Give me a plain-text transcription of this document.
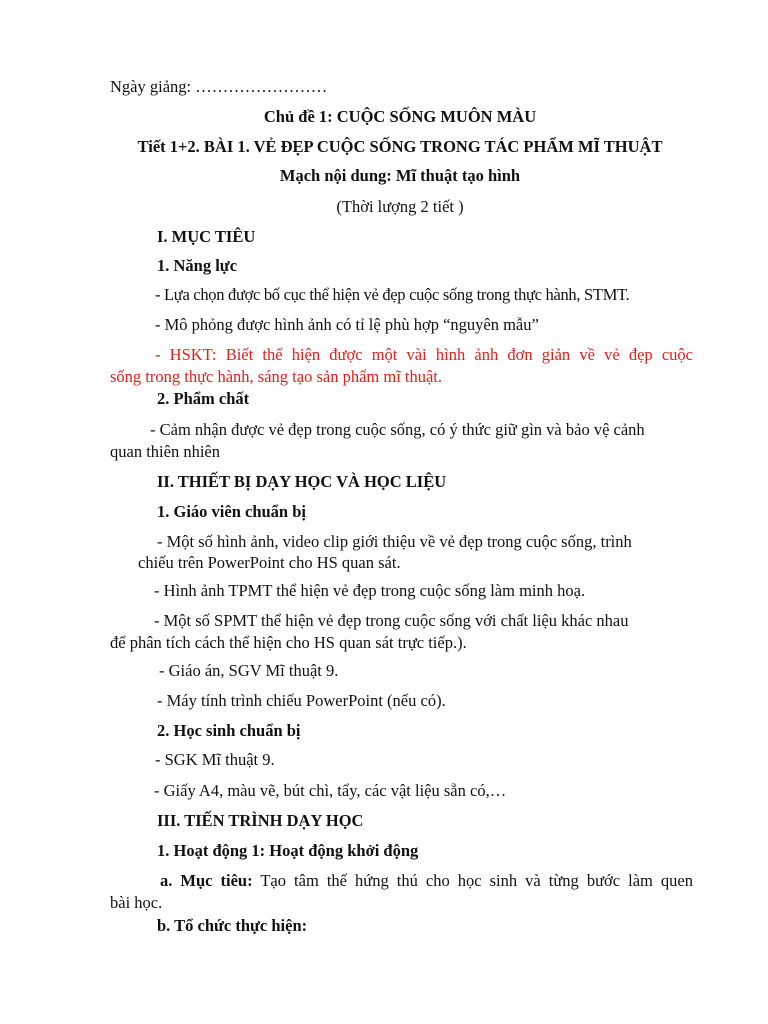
Ngày giảng: ……………………
Chủ đề 1: CUỘC SỐNG MUÔN MÀU
Tiết 1+2. BÀI 1. VẺ ĐẸP CUỘC SỐNG TRONG TÁC PHẨM MĨ THUẬT
Mạch nội dung: Mĩ thuật tạo hình
(Thời lượng 2 tiết )
I. MỤC TIÊU
1. Năng lực
- Lựa chọn được bố cục thể hiện vẻ đẹp cuộc sống trong thực hành, STMT.
- Mô phỏng được hình ảnh có tỉ lệ phù hợp “nguyên mẫu”
- HSKT: Biết thể hiện được một vài hình ảnh đơn giản về vẻ đẹp cuộc
sống trong thực hành, sáng tạo sản phẩm mĩ thuật.
2. Phẩm chất
- Cảm nhận được vẻ đẹp trong cuộc sống, có ý thức giữ gìn và bảo vệ cảnh
quan thiên nhiên
II. THIẾT BỊ DẠY HỌC VÀ HỌC LIỆU
1. Giáo viên chuẩn bị
- Một số hình ảnh, video clip giới thiệu về vẻ đẹp trong cuộc sống, trình
chiếu trên PowerPoint cho HS quan sát.
- Hình ảnh TPMT thể hiện vẻ đẹp trong cuộc sống làm minh hoạ.
- Một số SPMT thể hiện vẻ đẹp trong cuộc sống với chất liệu khác nhau
để phân tích cách thể hiện cho HS quan sát trực tiếp.).
- Giáo án, SGV Mĩ thuật 9.
- Máy tính trình chiếu PowerPoint (nếu có).
2. Học sinh chuẩn bị
- SGK Mĩ thuật 9.
- Giấy A4, màu vẽ, bút chì, tẩy, các vật liệu sẵn có,…
III. TIẾN TRÌNH DẠY HỌC
1. Hoạt động 1: Hoạt động khởi động
a. Mục tiêu: Tạo tâm thế hứng thú cho học sinh và từng bước làm quen
bài học.
b. Tổ chức thực hiện:
